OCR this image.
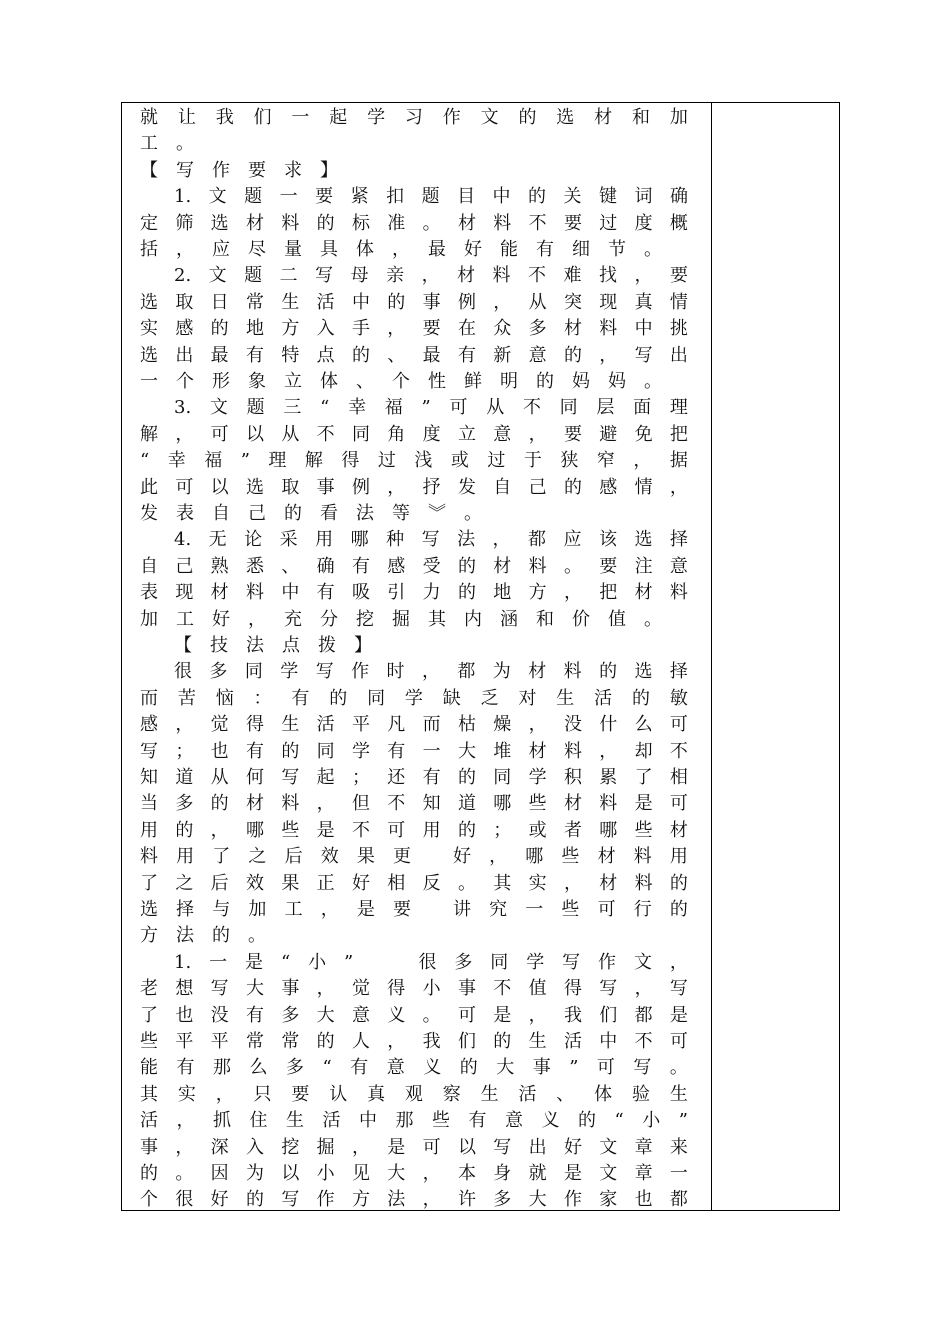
就 让 我 们 一 起 学 习 作 文 的 选 材 和 加
工 。
【 写 作 要 求 】
1. 文 题 一 要 紧 扣 题 目 中 的 关 键 词 确
定 筛 选 材 料 的 标 准 。 材 料 不 要 过 度 概
括 ， 应 尽 量 具 体 ， 最 好 能 有 细 节 。
2. 文 题 二 写 母 亲 ， 材 料 不 难 找 ， 要
选 取 日 常 生 活 中 的 事 例 ， 从 突 现 真 情
实 感 的 地 方 入 手 ， 要 在 众 多 材 料 中 挑
选 出 最 有 特 点 的 、 最 有 新 意 的 ， 写 出
一 个 形 象 立 体 、 个 性 鲜 明 的 妈 妈 。
3. 文 题 三 “ 幸 福 ” 可 从 不 同 层 面 理
解 ， 可 以 从 不 同 角 度 立 意 ， 要 避 免 把
“ 幸 福 ” 理 解 得 过 浅 或 过 于 狭 窄 ， 据
此 可 以 选 取 事 例 ， 抒 发 自 己 的 感 情 ，
发 表 自 己 的 看 法 等 ︾ 。
4. 无 论 采 用 哪 种 写 法 ， 都 应 该 选 择
自 己 熟 悉 、 确 有 感 受 的 材 料 。 要 注 意
表 现 材 料 中 有 吸 引 力 的 地 方 ， 把 材 料
加 工 好 ， 充 分 挖 掘 其 内 涵 和 价 值 。
【 技 法 点 拨 】
很 多 同 学 写 作 时 ， 都 为 材 料 的 选 择
而 苦 恼 ： 有 的 同 学 缺 乏 对 生 活 的 敏
感 ， 觉 得 生 活 平 凡 而 枯 燥 ， 没 什 么 可
写 ； 也 有 的 同 学 有 一 大 堆 材 料 ， 却 不
知 道 从 何 写 起 ； 还 有 的 同 学 积 累 了 相
当 多 的 材 料 ， 但 不 知 道 哪 些 材 料 是 可
用 的 ， 哪 些 是 不 可 用 的 ； 或 者 哪 些 材
料 用 了 之 后 效 果 更
好 ， 哪 些 材 料 用
了 之 后 效 果 正 好 相 反 。 其 实 ， 材 料 的
选 择 与 加 工 ， 是 要
讲 究 一 些 可 行 的
方 法 的 。
1. 一 是 “ 小 ”

	很 多 同 学 写 作 文 ，
老 想 写 大 事 ， 觉 得 小 事 不 值 得 写 ， 写
了 也 没 有 多 大 意 义 。 可 是 ， 我 们 都 是
些 平 平 常 常 的 人 ， 我 们 的 生 活 中 不 可
能 有 那 么 多 “ 有 意 义 的 大 事 ” 可 写 。
其 实 ， 只 要 认 真 观 察 生 活 、 体 验 生
活 ， 抓 住 生 活 中 那 些 有 意 义 的 “ 小 ”
事 ， 深 入 挖 掘 ， 是 可 以 写 出 好 文 章 来
的 。 因 为 以 小 见 大 ， 本 身 就 是 文 章 一
个 很 好 的 写 作 方 法 ， 许 多 大 作 家 也 都
